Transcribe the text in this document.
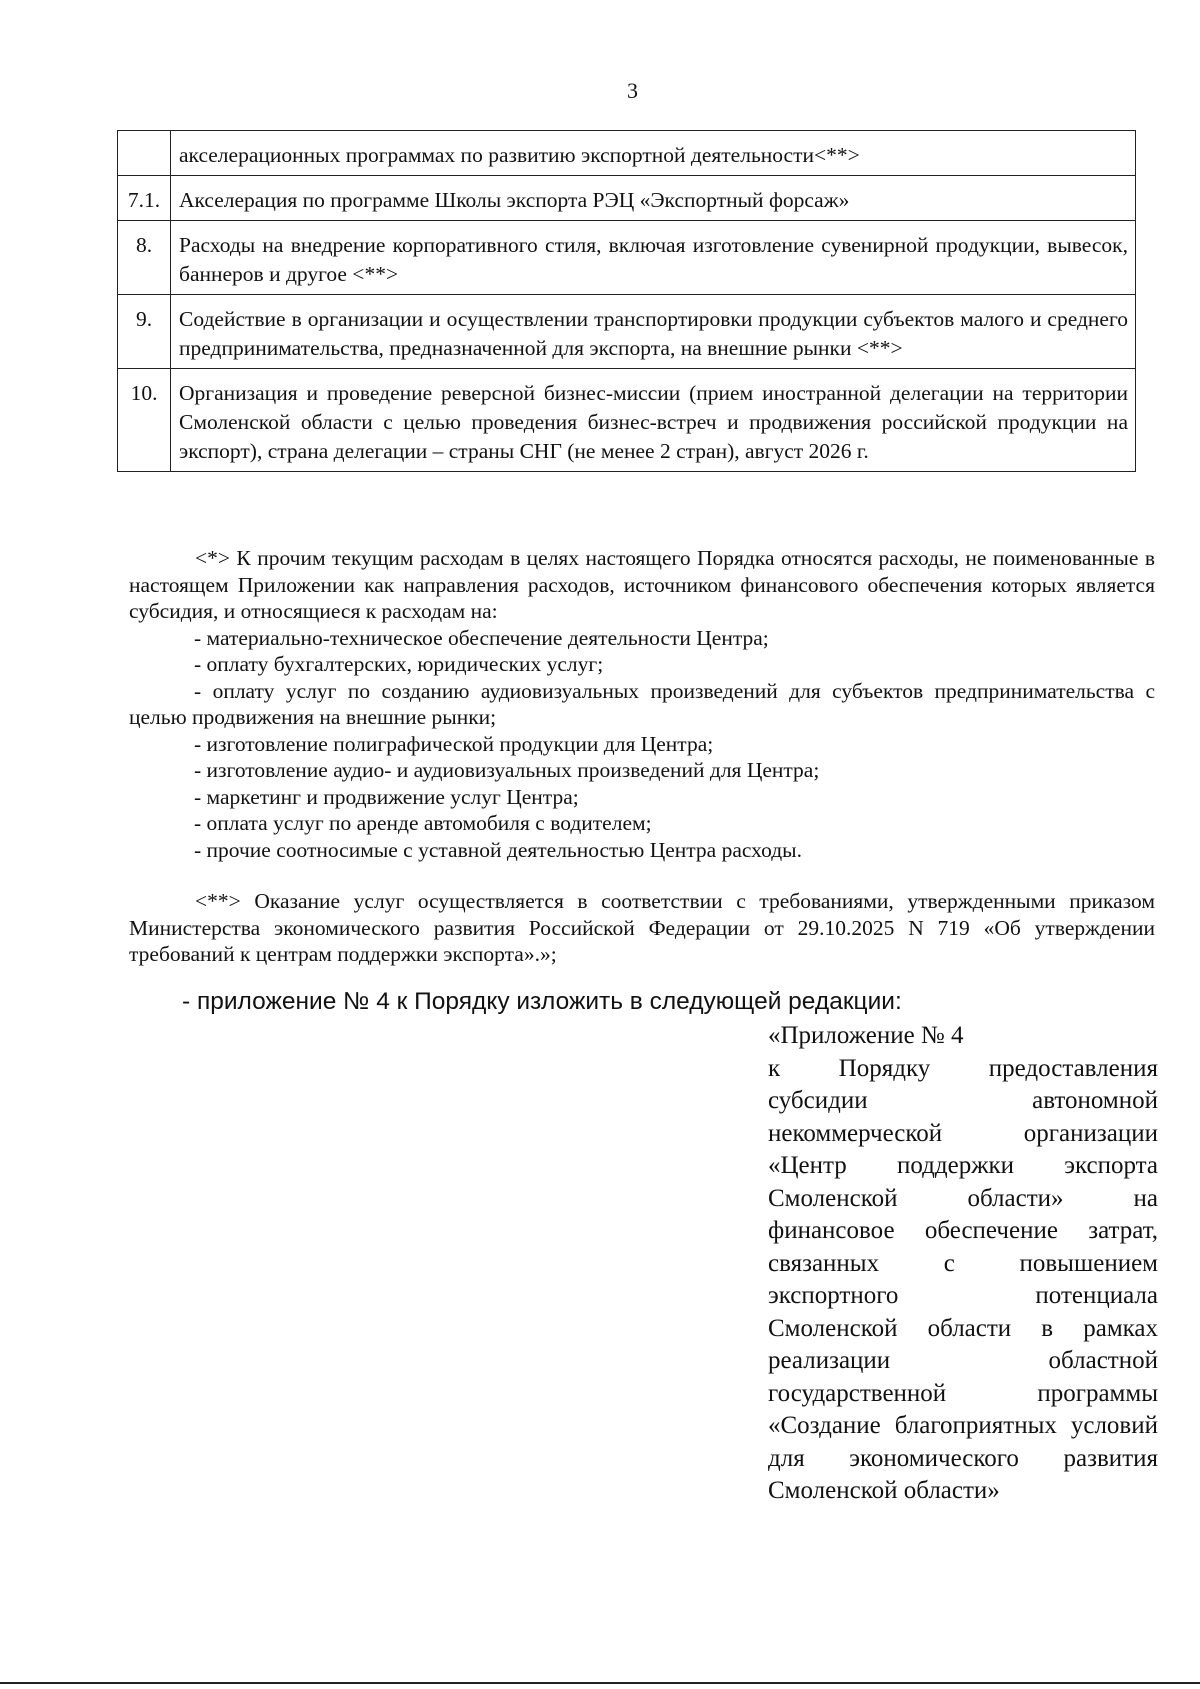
3
	акселерационных программах по развитию экспортной деятельности<**>
7.1.	Акселерация по программе Школы экспорта РЭЦ «Экспортный форсаж»
8.	Расходы на внедрение корпоративного стиля, включая изготовление сувенирной продукции, вывесок, баннеров и другое <**>
9.	Содействие в организации и осуществлении транспортировки продукции субъектов малого и среднего предпринимательства, предназначенной для экспорта, на внешние рынки <**>
10.	Организация и проведение реверсной бизнес-миссии (прием иностранной делегации на территории Смоленской области с целью проведения бизнес-встреч и продвижения российской продукции на экспорт), страна делегации – страны СНГ (не менее 2 стран), август 2026 г.

<*> К прочим текущим расходам в целях настоящего Порядка относятся расходы, не поименованные в настоящем Приложении как направления расходов, источником финансового обеспечения которых является субсидия, и относящиеся к расходам на:

- материально-техническое обеспечение деятельности Центра;

- оплату бухгалтерских, юридических услуг;

- оплату услуг по созданию аудиовизуальных произведений для субъектов предпринимательства с целью продвижения на внешние рынки;

- изготовление полиграфической продукции для Центра;

- изготовление аудио- и аудиовизуальных произведений для Центра;

- маркетинг и продвижение услуг Центра;

- оплата услуг по аренде автомобиля с водителем;

- прочие соотносимые с уставной деятельностью Центра расходы.

<**> Оказание услуг осуществляется в соответствии с требованиями, утвержденными приказом Министерства экономического развития Российской Федерации от 29.10.2025 N 719 «Об утверждении требований к центрам поддержки экспорта».»;

- приложение № 4 к Порядку изложить в следующей редакции:

«Приложение № 4

к Порядку предоставления субсидии автономной некоммерческой организации «Центр поддержки экспорта Смоленской области» на финансовое обеспечение затрат, связанных с повышением экспортного потенциала Смоленской области в рамках реализации областной государственной программы «Создание благоприятных условий для экономического развития Смоленской области»
